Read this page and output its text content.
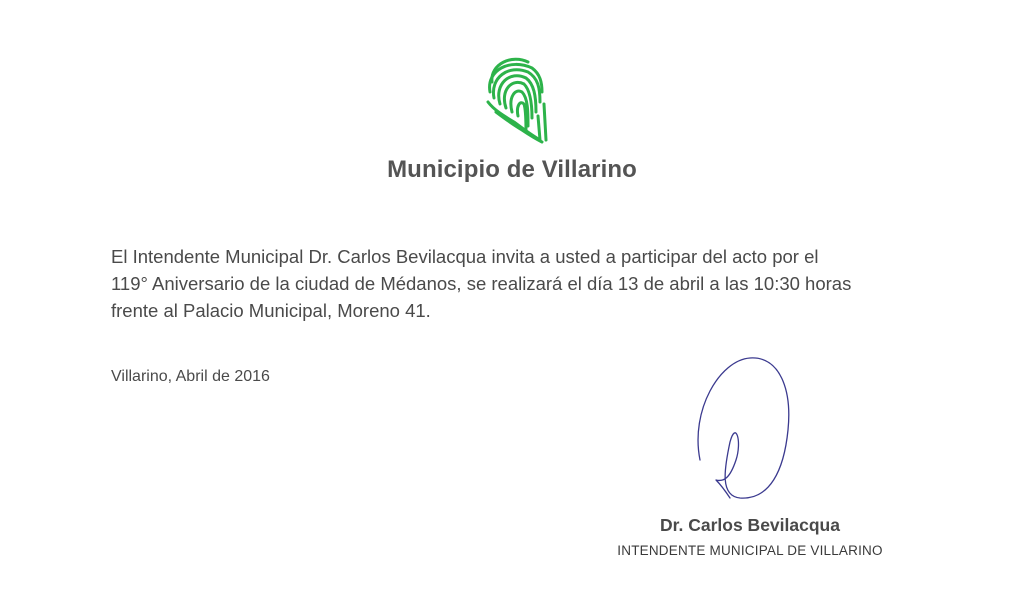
Municipio de Villarino
El Intendente Municipal Dr. Carlos Bevilacqua invita a usted a participar del acto por el
119° Aniversario de la ciudad de Médanos, se realizará el día 13 de abril a las 10:30 horas
frente al Palacio Municipal, Moreno 41.
Villarino, Abril de 2016
Dr. Carlos Bevilacqua
INTENDENTE MUNICIPAL DE VILLARINO
